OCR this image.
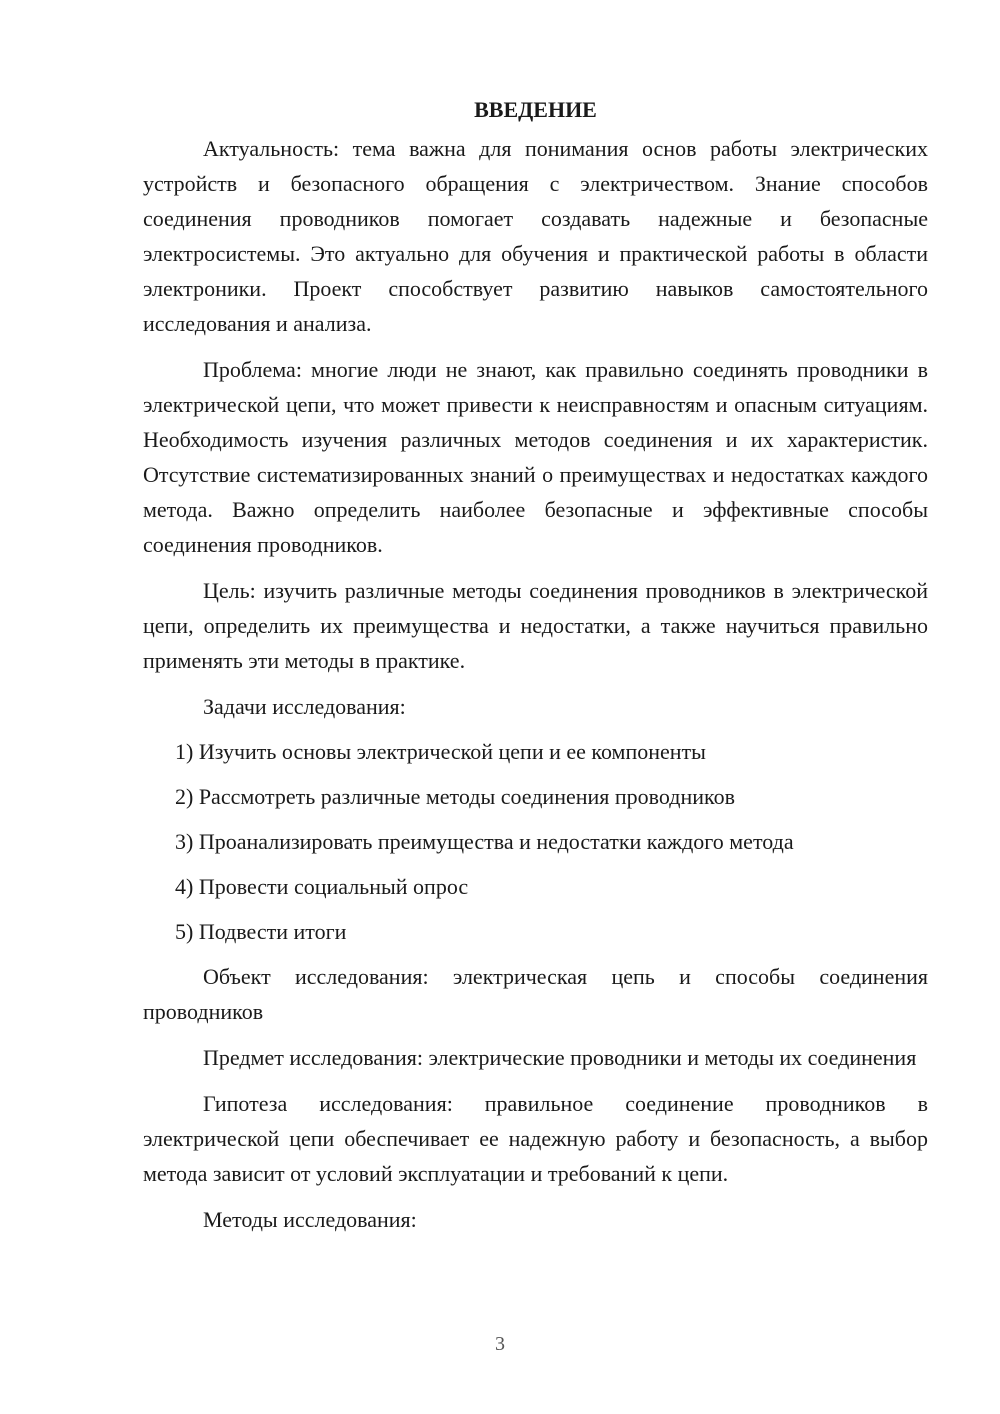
ВВЕДЕНИЕ

Актуальность: тема важна для понимания основ работы электрических устройств и безопасного обращения с электричеством. Знание способов соединения проводников помогает создавать надежные и безопасные электросистемы. Это актуально для обучения и практической работы в области электроники. Проект способствует развитию навыков самостоятельного исследования и анализа.

Проблема: многие люди не знают, как правильно соединять проводники в электрической цепи, что может привести к неисправностям и опасным ситуациям. Необходимость изучения различных методов соединения и их характеристик. Отсутствие систематизированных знаний о преимуществах и недостатках каждого метода. Важно определить наиболее безопасные и эффективные способы соединения проводников.

Цель: изучить различные методы соединения проводников в электрической цепи, определить их преимущества и недостатки, а также научиться правильно применять эти методы в практике.

Задачи исследования:
1) Изучить основы электрической цепи и ее компоненты
2) Рассмотреть различные методы соединения проводников
3) Проанализировать преимущества и недостатки каждого метода
4) Провести социальный опрос
5) Подвести итоги

Объект исследования: электрическая цепь и способы соединения проводников

Предмет исследования: электрические проводники и методы их соединения

Гипотеза исследования: правильное соединение проводников в электрической цепи обеспечивает ее надежную работу и безопасность, а выбор метода зависит от условий эксплуатации и требований к цепи.

Методы исследования:
3
